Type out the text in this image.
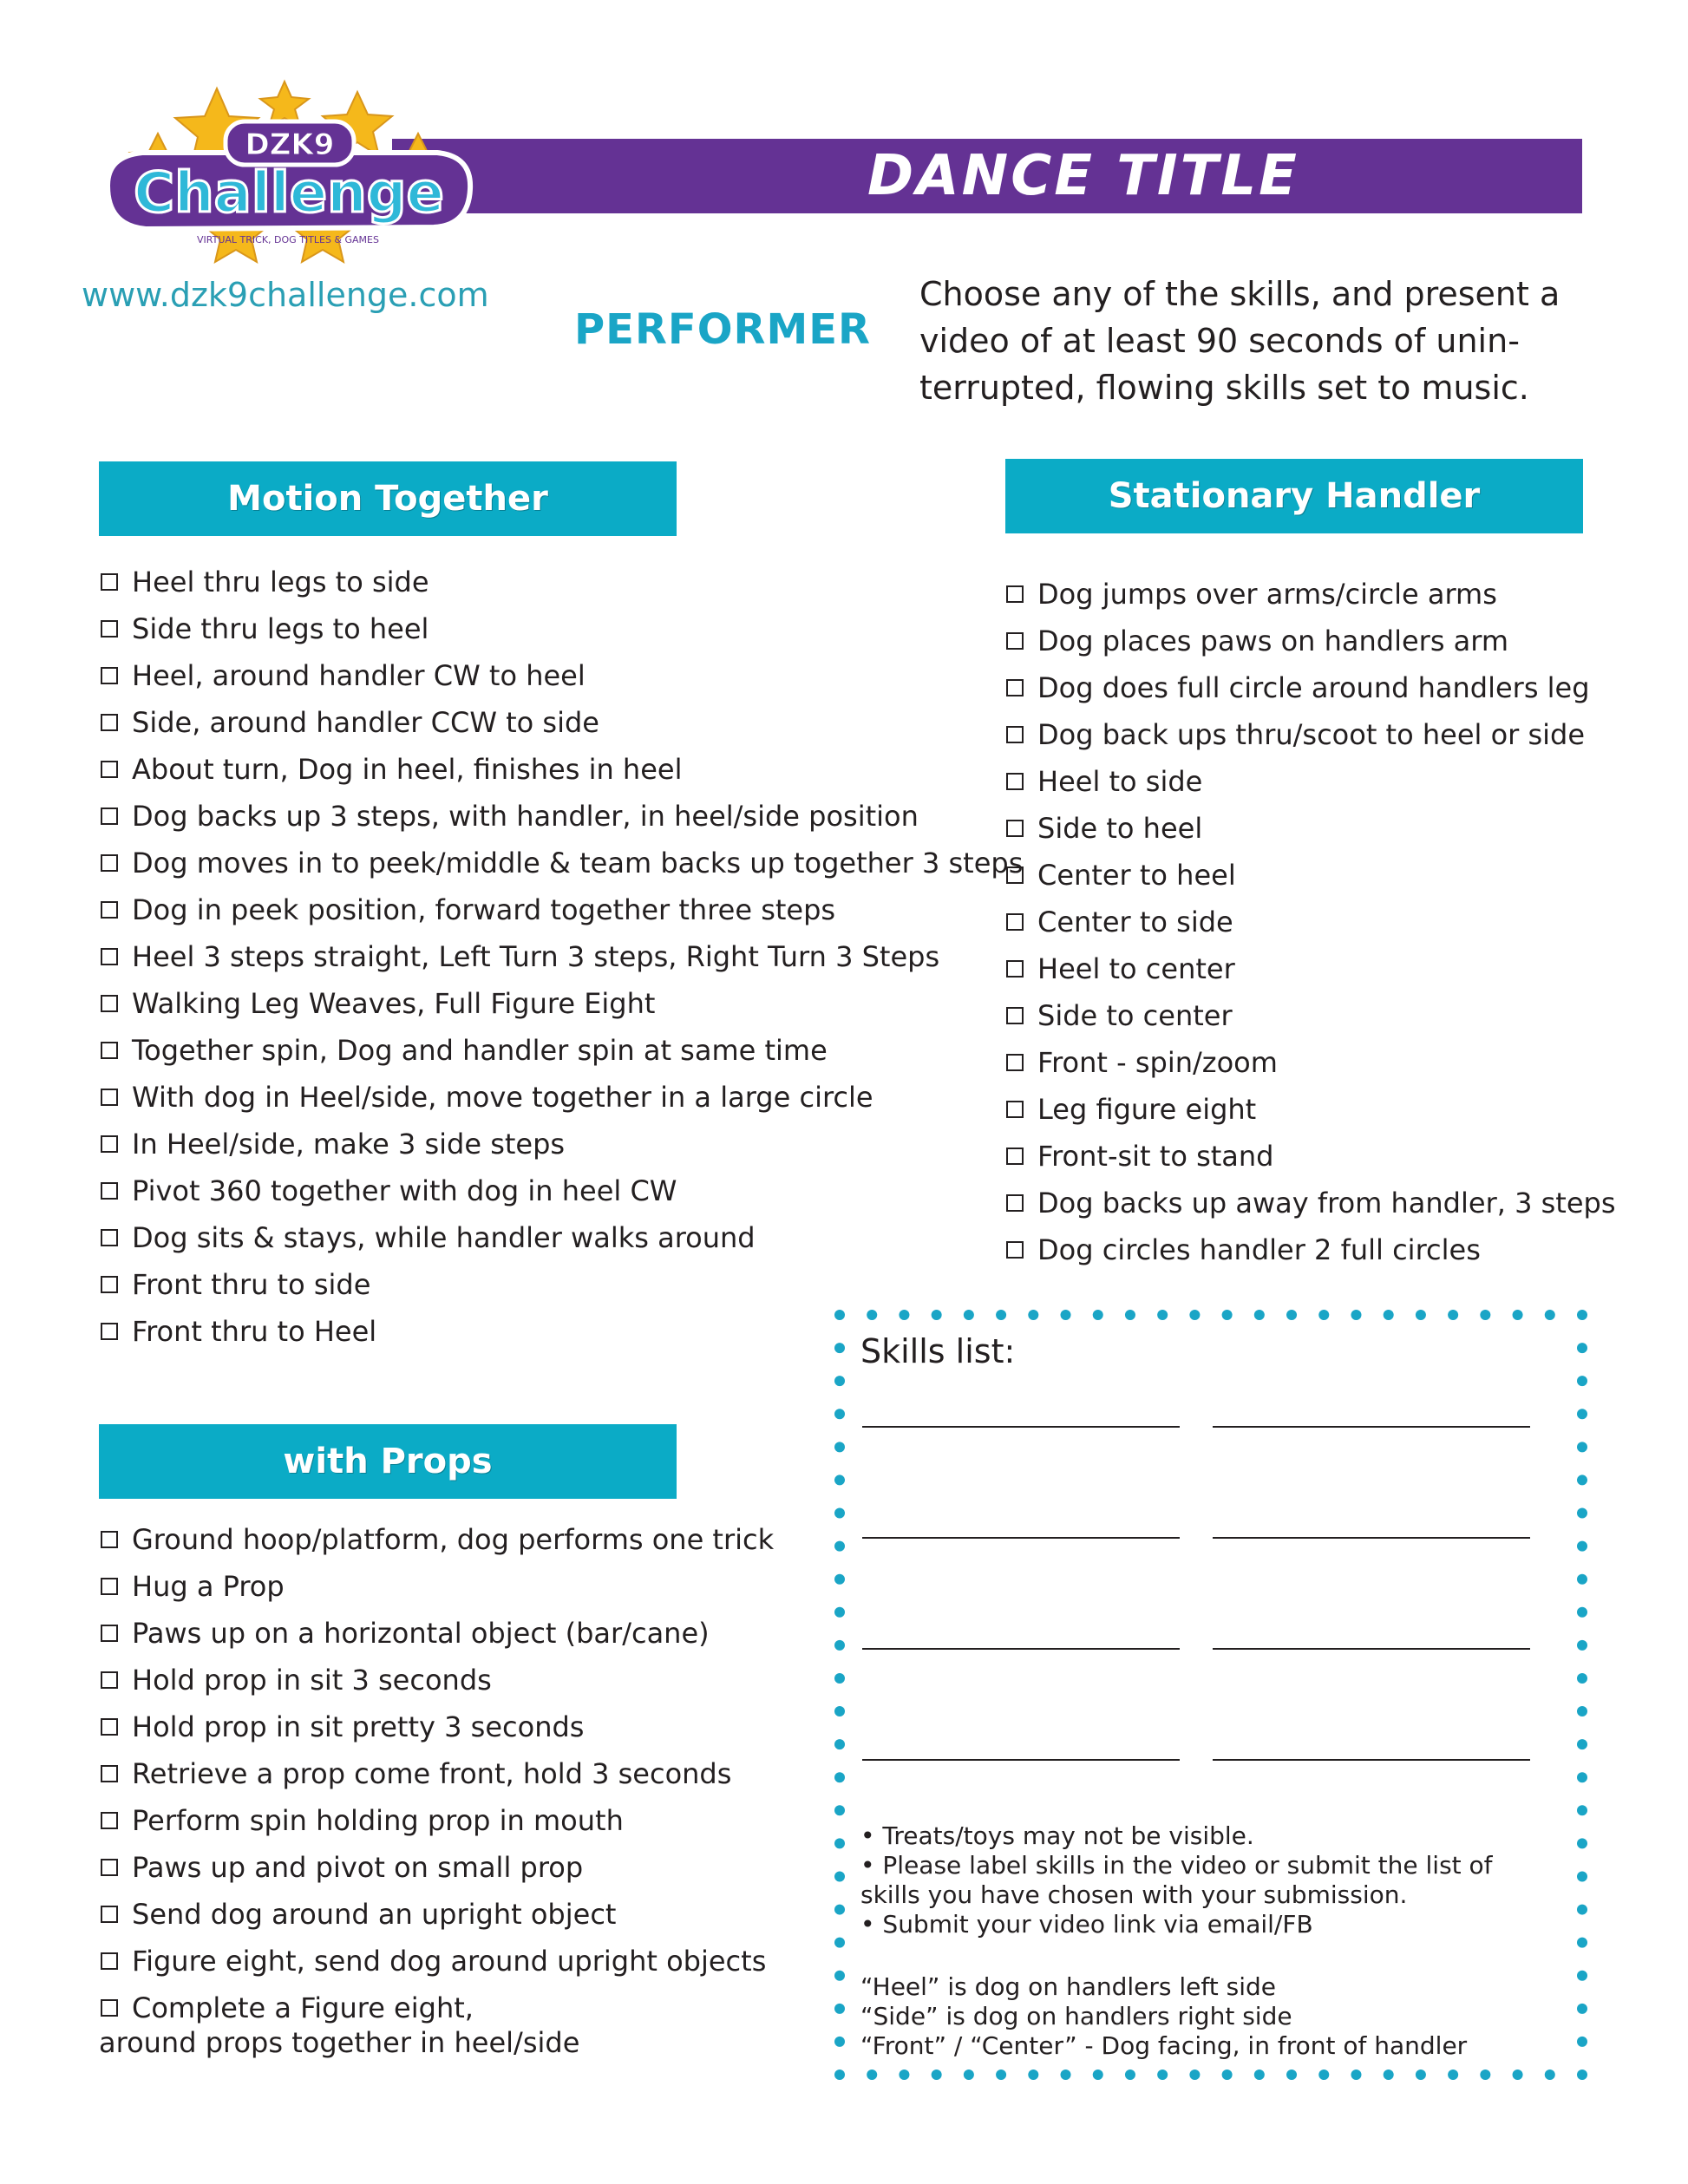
DANCE TITLE
DZK9
Challenge
VIRTUAL TRICK, DOG TITLES & GAMES
www.dzk9challenge.com
PERFORMER
Choose any of the skills, and present a video of at least 90 seconds of unin-terrupted, flowing skills set to music.
Motion Together
Heel thru legs to side
Side thru legs to heel
Heel, around handler CW to heel
Side, around handler CCW to side
About turn, Dog in heel, finishes in heel
Dog backs up 3 steps, with handler, in heel/side position
Dog moves in to peek/middle & team backs up together 3 steps
Dog in peek position, forward together three steps
Heel 3 steps straight, Left Turn 3 steps, Right Turn 3 Steps
Walking Leg Weaves, Full Figure Eight
Together spin, Dog and handler spin at same time
With dog in Heel/side, move together in a large circle
In Heel/side, make 3 side steps
Pivot 360 together with dog in heel CW
Dog sits & stays, while handler walks around
Front thru to side
Front thru to Heel
Stationary Handler
Dog jumps over arms/circle arms
Dog places paws on handlers arm
Dog does full circle around handlers leg
Dog back ups thru/scoot to heel or side
Heel to side
Side to heel
Center to heel
Center to side
Heel to center
Side to center
Front - spin/zoom
Leg figure eight
Front-sit to stand
Dog backs up away from handler, 3 steps
Dog circles handler 2 full circles
with Props
Ground hoop/platform, dog performs one trick
Hug a Prop
Paws up on a horizontal object (bar/cane)
Hold prop in sit 3 seconds
Hold prop in sit pretty 3 seconds
Retrieve a prop come front, hold 3 seconds
Perform spin holding prop in mouth
Paws up and pivot on small prop
Send dog around an upright object
Figure eight, send dog around upright objects
Complete a Figure eight,
around props together in heel/side
Skills list:

• Treats/toys may not be visible.

• Please label skills in the video or submit the list of skills you have chosen with your submission.

• Submit your video link via email/FB

“Heel” is dog on handlers left side

“Side” is dog on handlers right side

“Front” / “Center” - Dog facing, in front of handler
